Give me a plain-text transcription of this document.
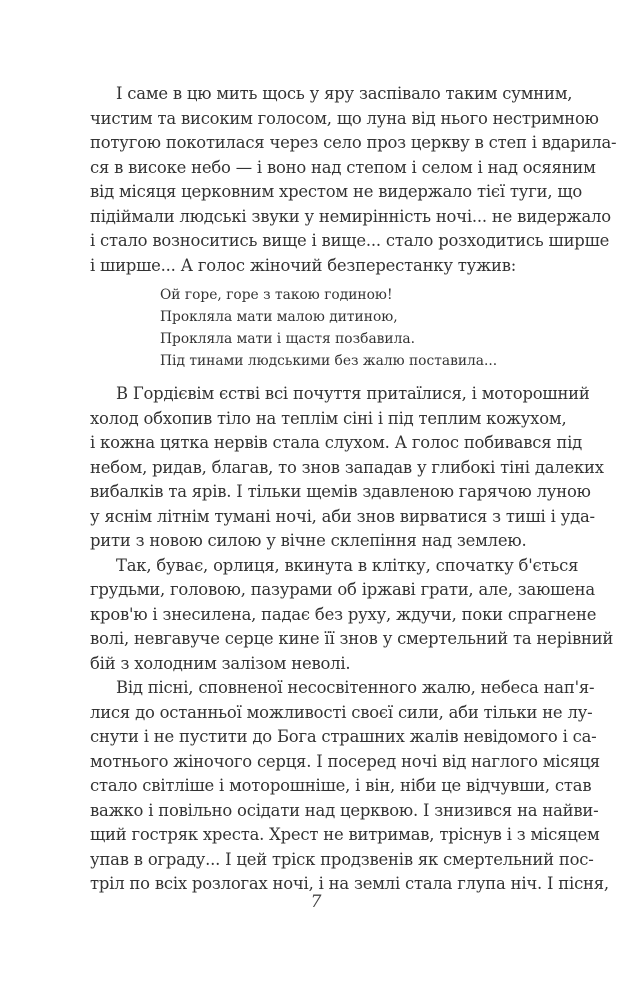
І саме в цю мить щось у яру заспівало таким сумним,
чистим та високим голосом, що луна від нього нестримною
потугою покотилася через село проз церкву в степ і вдарила-
ся в високе небо — і воно над степом і селом і над осяяним
від місяця церковним хрестом не видержало тієї туги, що
підіймали людські звуки у немирінність ночі... не видержало
і стало возноситись вище і вище... стало розходитись ширше
і ширше... А голос жіночий безперестанку тужив:
Ой горе, горе з такою годиною!
Прокляла мати малою дитиною,
Прокляла мати і щастя позбавила.
Під тинами людськими без жалю поставила...
В Гордієвім єстві всі почуття притаїлися, і моторошний
холод обхопив тіло на теплім сіні і під теплим кожухом,
і кожна цятка нервів стала слухом. А голос побивався під
небом, ридав, благав, то знов западав у глибокі тіні далеких
вибалків та ярів. І тільки щемів здавленою гарячою луною
у яснім літнім тумані ночі, аби знов вирватися з тиші і уда-
рити з новою силою у вічне склепіння над землею.
Так, буває, орлиця, вкинута в клітку, спочатку б'ється
грудьми, головою, пазурами об іржаві грати, але, заюшена
кров'ю і знесилена, падає без руху, ждучи, поки спрагнене
волі, невгавуче серце кине її знов у смертельний та нерівний
бій з холодним залізом неволі.
Від пісні, сповненої несосвітенного жалю, небеса нап'я-
лися до останньої можливості своєї сили, аби тільки не лу-
снути і не пустити до Бога страшних жалів невідомого і са-
мотнього жіночого серця. І посеред ночі від наглого місяця
стало світліше і моторошніше, і він, ніби це відчувши, став
важко і повільно осідати над церквою. І знизився на найви-
щий гостряк хреста. Хрест не витримав, тріснув і з місяцем
упав в ограду... І цей тріск продзвенів як смертельний пос-
тріл по всіх розлогах ночі, і на землі стала глупа ніч. І пісня,
7
